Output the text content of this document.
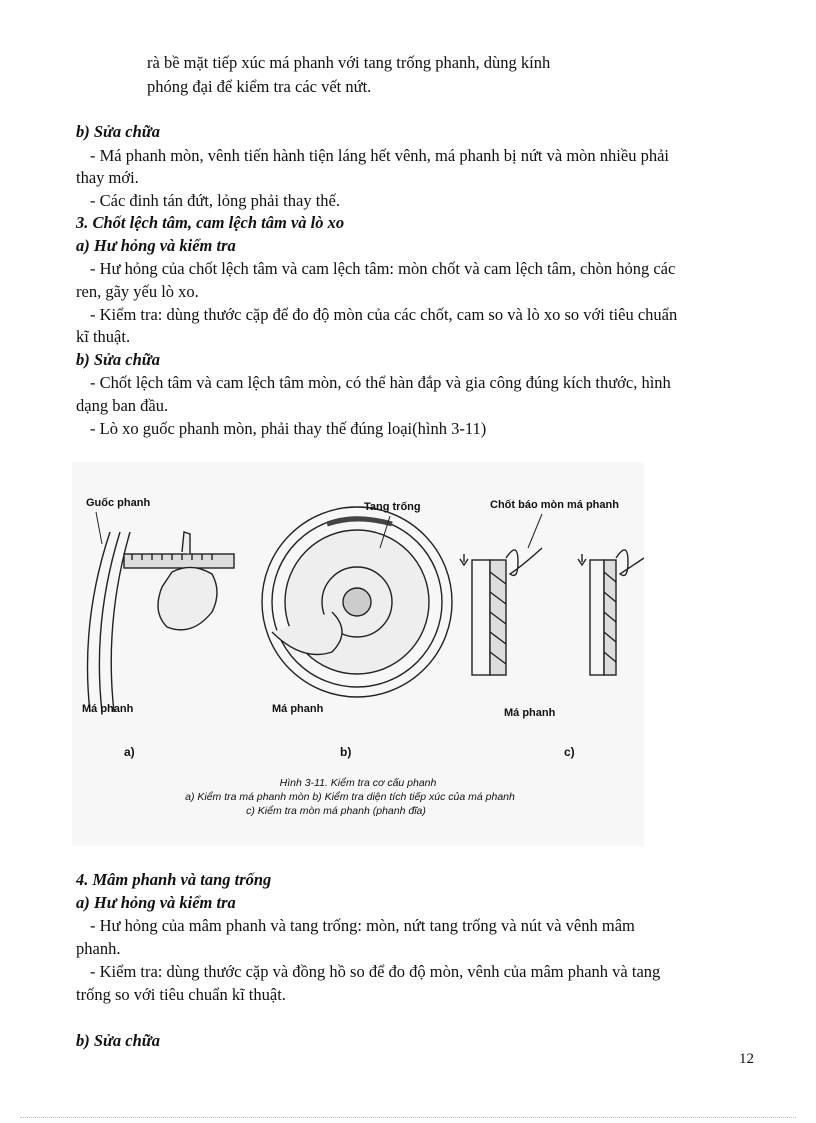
rà bề mặt tiếp xúc má phanh với tang trống phanh, dùng kính
phóng đại để kiểm tra các vết nứt.
b) Sửa chữa
- Má phanh mòn, vênh tiến hành tiện láng hết vênh, má phanh bị nứt và mòn nhiều phải
thay mới.
- Các đinh tán đứt, lỏng phải thay thế.
3. Chốt lệch tâm, cam lệch tâm và lò xo
a) Hư hỏng và kiểm tra
- Hư hỏng của chốt lệch tâm và cam lệch tâm: mòn chốt và cam lệch tâm, chòn hỏng các
ren, gãy yếu lò xo.
- Kiểm tra: dùng thước cặp để đo độ mòn của các chốt, cam so và lò xo so với tiêu chuẩn
kĩ thuật.
b) Sửa chữa
- Chốt lệch tâm và cam lệch tâm mòn, có thể hàn đắp và gia công đúng kích thước, hình
dạng ban đầu.
- Lò xo guốc phanh mòn, phải thay thế đúng loại(hình 3-11)
Guốc phanh
Má phanh
a)
Tang trống
Má phanh
b)
Chốt báo mòn má phanh
Má phanh
c)
Hình 3-11. Kiểm tra cơ cấu phanh
a) Kiểm tra má phanh mòn b) Kiểm tra diện tích tiếp xúc của má phanh
c) Kiểm tra mòn má phanh (phanh đĩa)
4. Mâm phanh và tang trống
a) Hư hỏng và kiểm tra
- Hư hỏng của mâm phanh và tang trống: mòn, nứt tang trống và nút và vênh mâm
phanh.
- Kiểm tra: dùng thước cặp và đồng hồ so để đo độ mòn, vênh của mâm phanh và tang
trống so với tiêu chuẩn kĩ thuật.
b) Sửa chữa
12
